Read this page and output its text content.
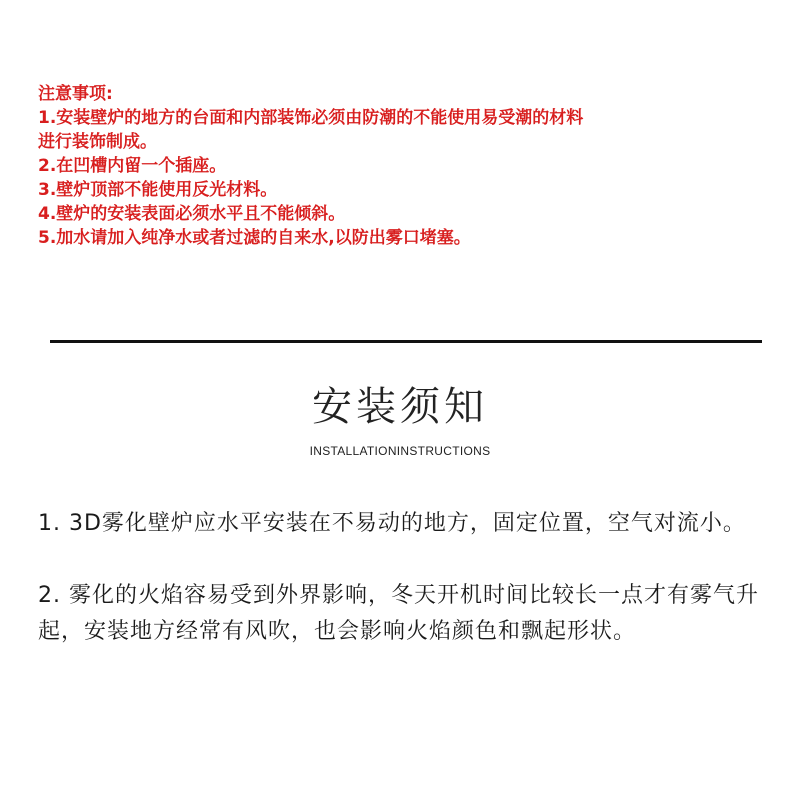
注意事项:

1.安装壁炉的地方的台面和内部装饰必须由防潮的不能使用易受潮的材料

进行装饰制成。

2.在凹槽内留一个插座。

3.壁炉顶部不能使用反光材料。

4.壁炉的安装表面必须水平且不能倾斜。

5.加水请加入纯净水或者过滤的自来水,以防出雾口堵塞。

安装须知
INSTALLATIONINSTRUCTIONS

1. 3D雾化壁炉应水平安装在不易动的地方，固定位置，空气对流小。

2. 雾化的火焰容易受到外界影响，冬天开机时间比较长一点才有雾气升起，安装地方经常有风吹，也会影响火焰颜色和飘起形状。
